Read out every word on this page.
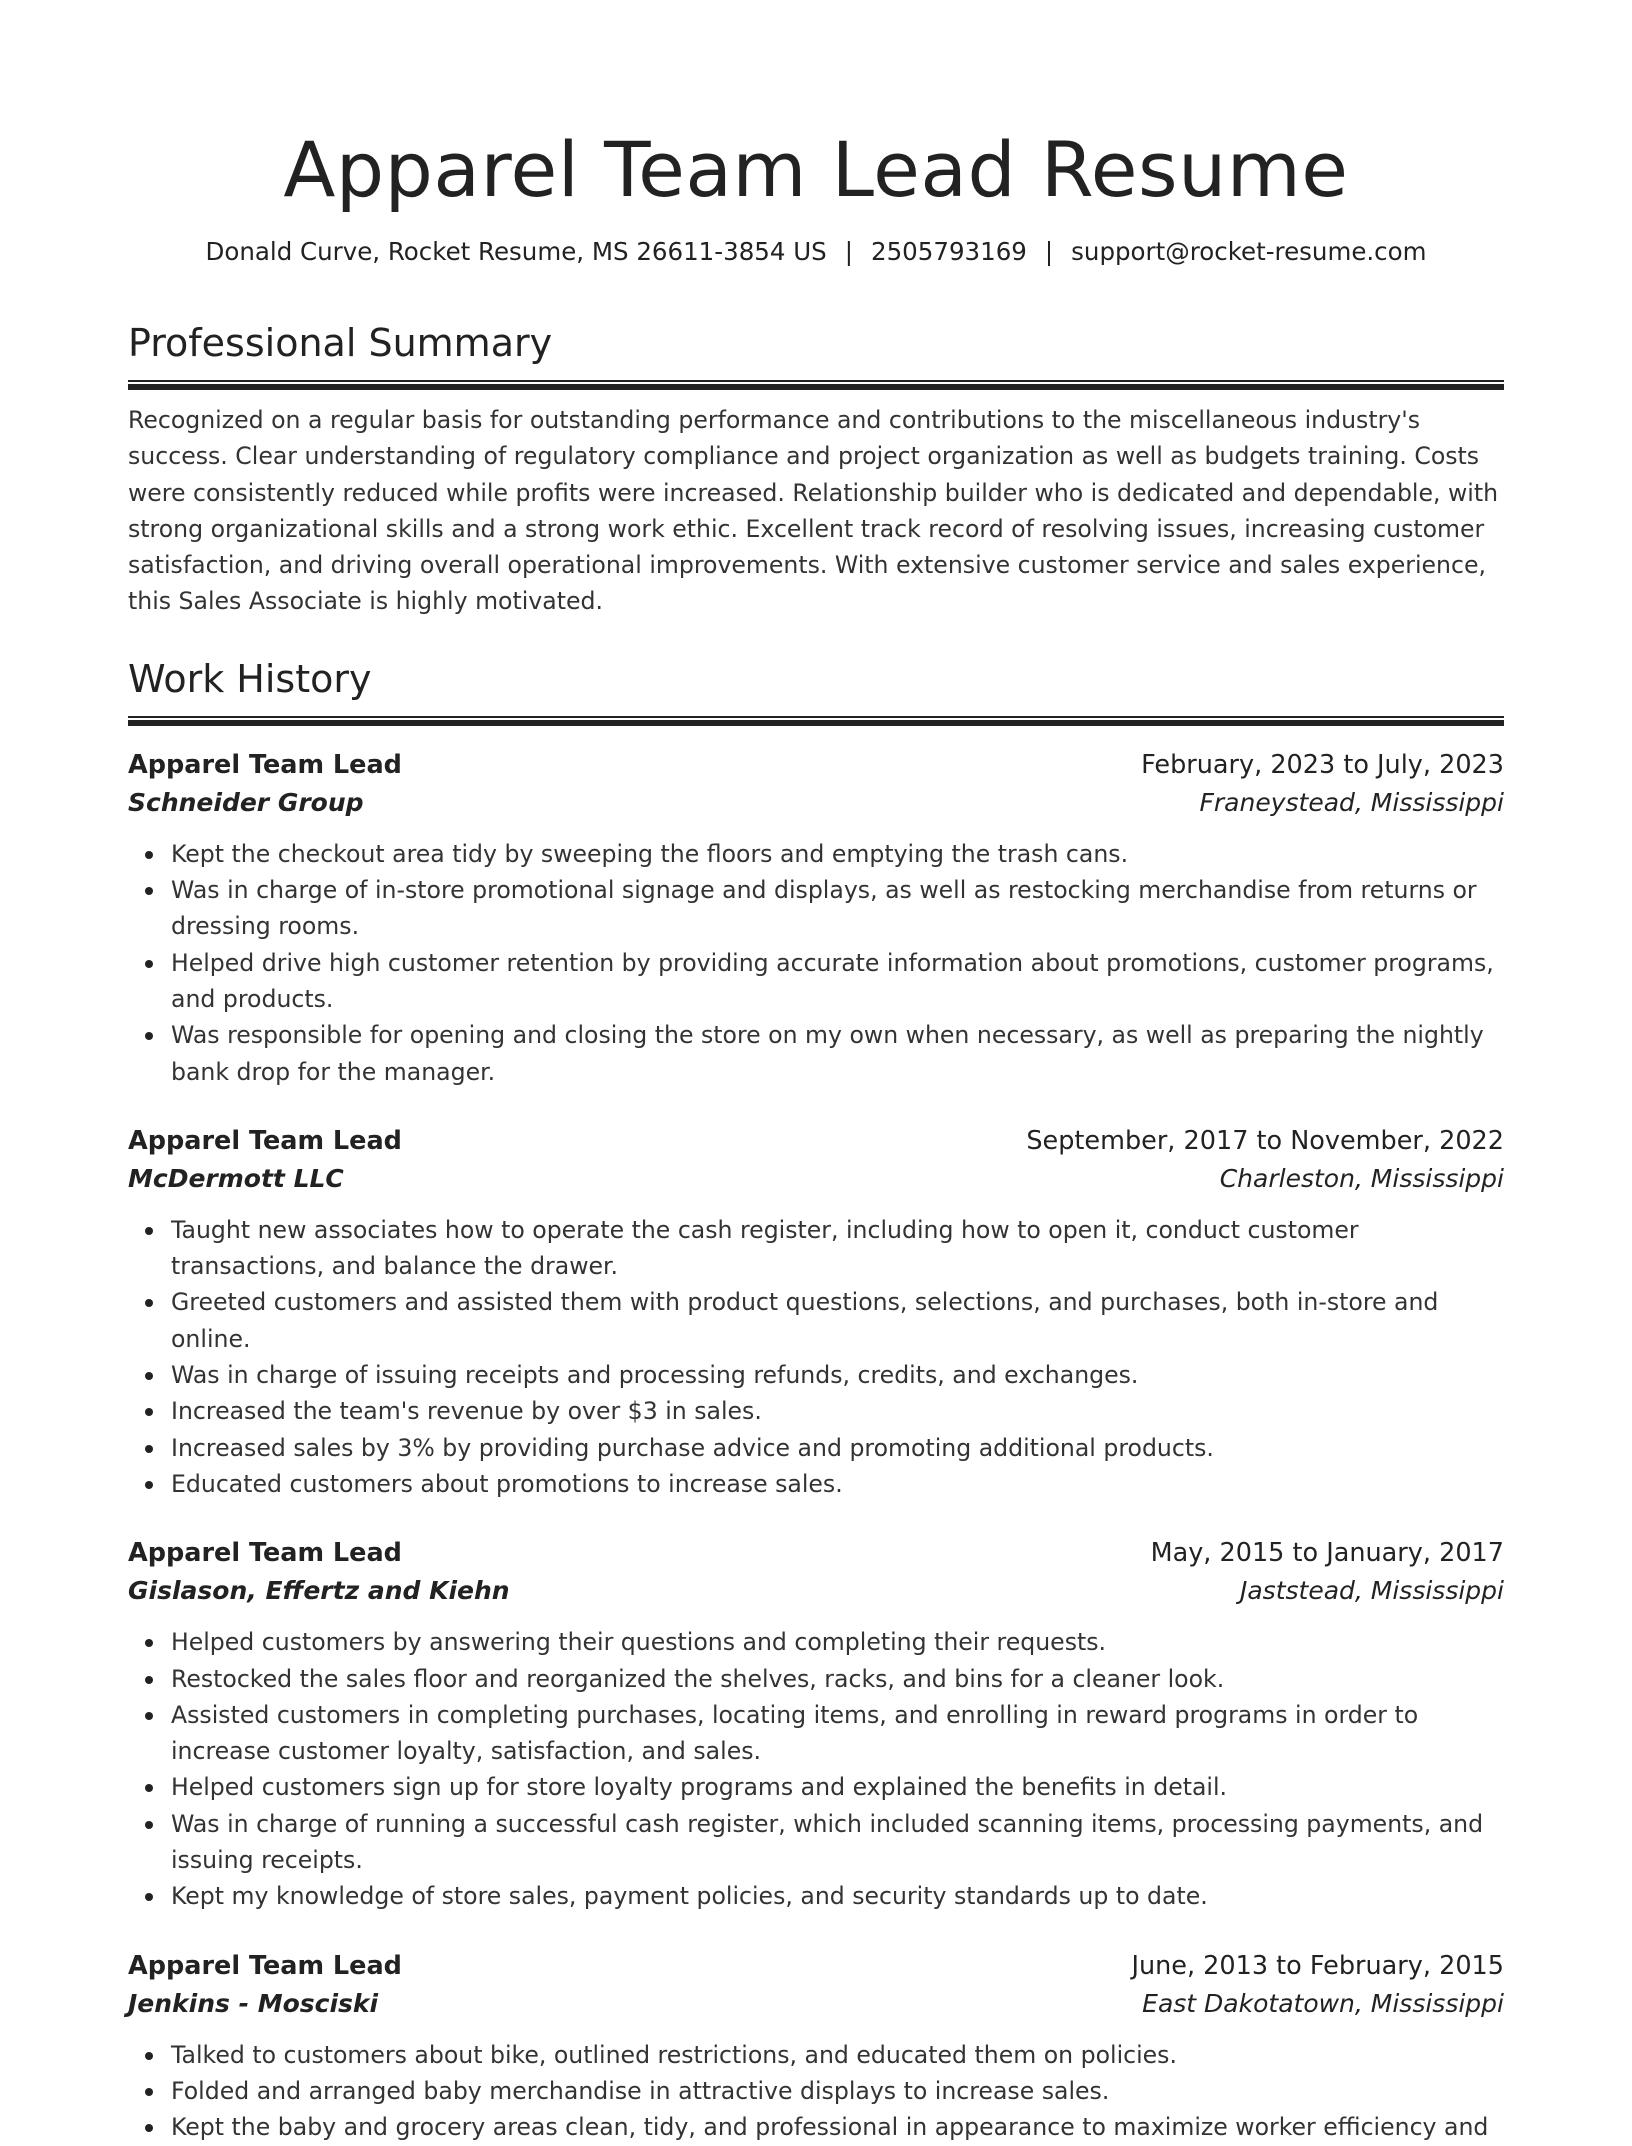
Apparel Team Lead Resume
Donald Curve, Rocket Resume, MS 26611-3854 US | 2505793169 | support@rocket-resume.com
Professional Summary

Recognized on a regular basis for outstanding performance and contributions to the miscellaneous industry's success. Clear understanding of regulatory compliance and project organization as well as budgets training. Costs were consistently reduced while profits were increased. Relationship builder who is dedicated and dependable, with strong organizational skills and a strong work ethic. Excellent track record of resolving issues, increasing customer satisfaction, and driving overall operational improvements. With extensive customer service and sales experience, this Sales Associate is highly motivated.

Work History
Apparel Team Lead	February, 2023 to July, 2023
Schneider Group	Franeystead, Mississippi
Kept the checkout area tidy by sweeping the floors and emptying the trash cans.
Was in charge of in-store promotional signage and displays, as well as restocking merchandise from returns or dressing rooms.
Helped drive high customer retention by providing accurate information about promotions, customer programs, and products.
Was responsible for opening and closing the store on my own when necessary, as well as preparing the nightly bank drop for the manager.
Apparel Team Lead	September, 2017 to November, 2022
McDermott LLC	Charleston, Mississippi
Taught new associates how to operate the cash register, including how to open it, conduct customer transactions, and balance the drawer.
Greeted customers and assisted them with product questions, selections, and purchases, both in-store and online.
Was in charge of issuing receipts and processing refunds, credits, and exchanges.
Increased the team's revenue by over $3 in sales.
Increased sales by 3% by providing purchase advice and promoting additional products.
Educated customers about promotions to increase sales.
Apparel Team Lead	May, 2015 to January, 2017
Gislason, Effertz and Kiehn	Jaststead, Mississippi
Helped customers by answering their questions and completing their requests.
Restocked the sales floor and reorganized the shelves, racks, and bins for a cleaner look.
Assisted customers in completing purchases, locating items, and enrolling in reward programs in order to increase customer loyalty, satisfaction, and sales.
Helped customers sign up for store loyalty programs and explained the benefits in detail.
Was in charge of running a successful cash register, which included scanning items, processing payments, and issuing receipts.
Kept my knowledge of store sales, payment policies, and security standards up to date.
Apparel Team Lead	June, 2013 to February, 2015
Jenkins - Mosciski	East Dakotatown, Mississippi
Talked to customers about bike, outlined restrictions, and educated them on policies.
Folded and arranged baby merchandise in attractive displays to increase sales.
Kept the baby and grocery areas clean, tidy, and professional in appearance to maximize worker efficiency and
